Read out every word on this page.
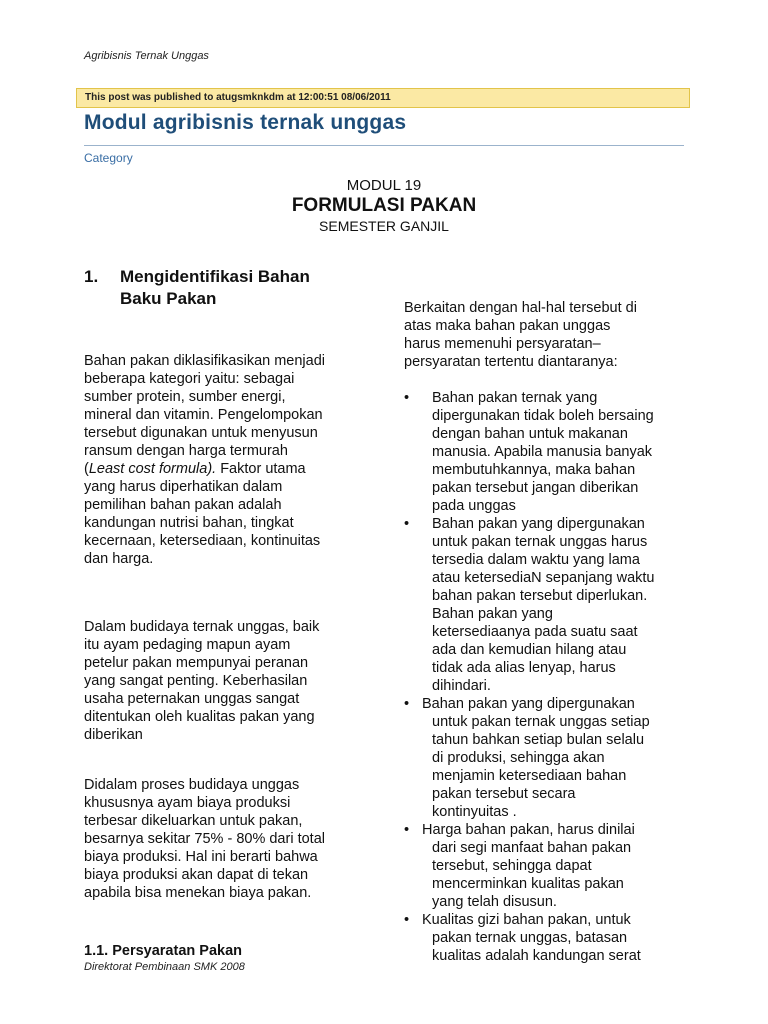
Agribisnis Ternak Unggas
This post was published to atugsmknkdm at 12:00:51 08/06/2011
Modul agribisnis ternak unggas
Category
MODUL 19
FORMULASI PAKAN
SEMESTER GANJIL
1.	Mengidentifikasi Bahan
Baku Pakan
Bahan pakan diklasifikasikan menjadi
beberapa kategori yaitu: sebagai
sumber protein, sumber energi,
mineral dan vitamin. Pengelompokan
tersebut digunakan untuk menyusun
ransum dengan harga termurah
(Least cost formula). Faktor utama
yang harus diperhatikan dalam
pemilihan bahan pakan adalah
kandungan nutrisi bahan, tingkat
kecernaan, ketersediaan, kontinuitas
dan harga.
Dalam budidaya ternak unggas, baik
itu ayam pedaging mapun ayam
petelur pakan mempunyai peranan
yang sangat penting. Keberhasilan
usaha peternakan unggas sangat
ditentukan oleh kualitas pakan yang
diberikan
Didalam proses budidaya unggas
khususnya ayam biaya produksi
terbesar dikeluarkan untuk pakan,
besarnya sekitar 75% - 80% dari total
biaya produksi. Hal ini berarti bahwa
biaya produksi akan dapat di tekan
apabila bisa menekan biaya pakan.
1.1. Persyaratan Pakan
Direktorat Pembinaan SMK 2008
Berkaitan dengan hal-hal tersebut di
atas maka bahan pakan unggas
harus memenuhi persyaratan–
persyaratan tertentu diantaranya:
• Bahan pakan ternak yang
dipergunakan tidak boleh bersaing
dengan bahan untuk makanan
manusia. Apabila manusia banyak
membutuhkannya, maka bahan
pakan tersebut jangan diberikan
pada unggas
• Bahan pakan yang dipergunakan
untuk pakan ternak unggas harus
tersedia dalam waktu yang lama
atau ketersediaN sepanjang waktu
bahan pakan tersebut diperlukan.
Bahan pakan yang
ketersediaanya pada suatu saat
ada dan kemudian hilang atau
tidak ada alias lenyap, harus
dihindari.
• Bahan pakan yang dipergunakan
untuk pakan ternak unggas setiap
tahun bahkan setiap bulan selalu
di produksi, sehingga akan
menjamin ketersediaan bahan
pakan tersebut secara
kontinyuitas .
• Harga bahan pakan, harus dinilai
dari segi manfaat bahan pakan
tersebut, sehingga dapat
mencerminkan kualitas pakan
yang telah disusun.
• Kualitas gizi bahan pakan, untuk
pakan ternak unggas, batasan
kualitas adalah kandungan serat
